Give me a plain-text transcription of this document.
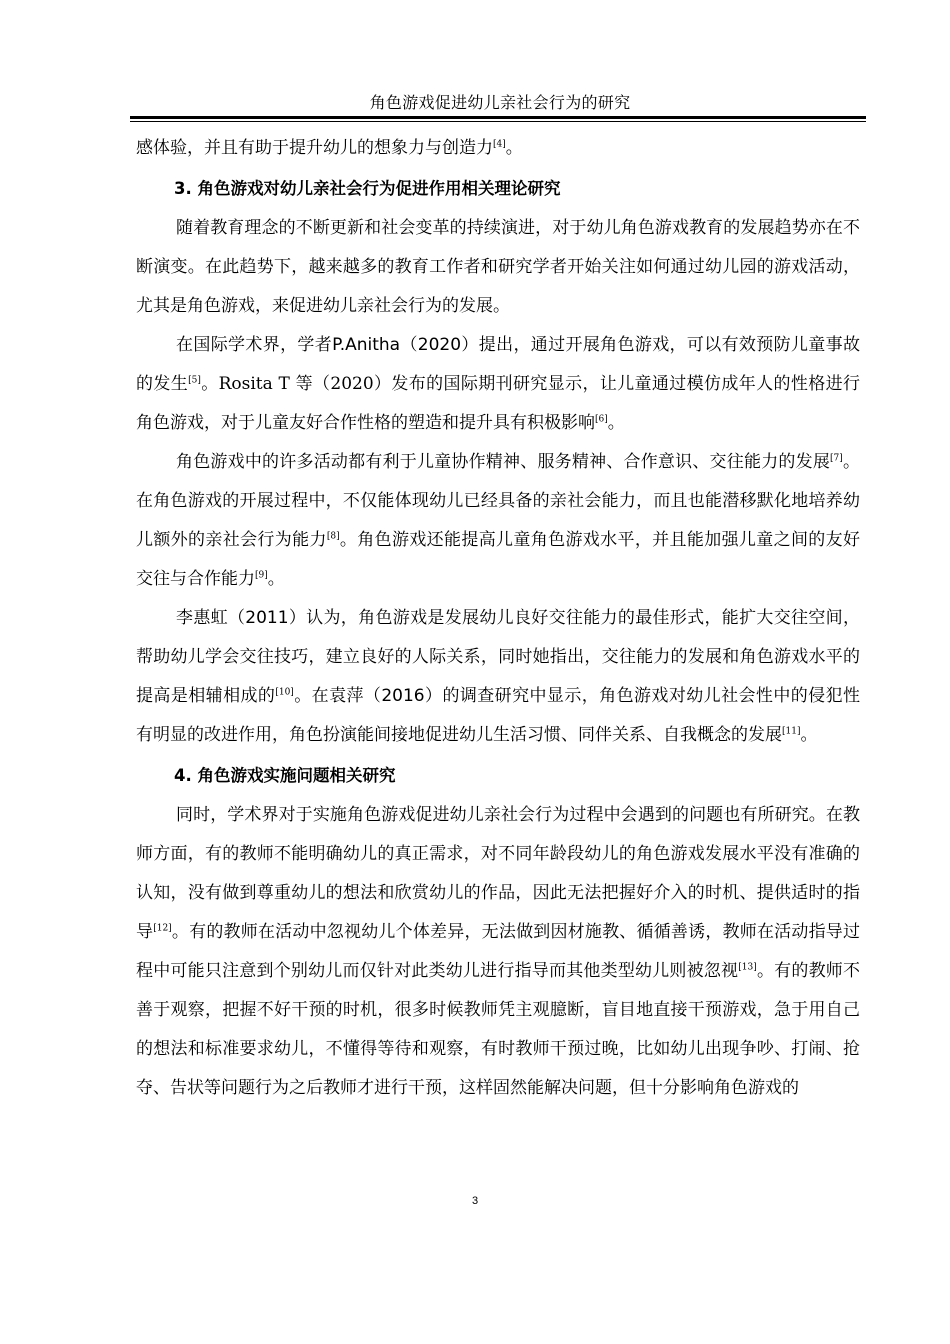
角色游戏促进幼儿亲社会行为的研究

感体验，并且有助于提升幼儿的想象力与创造力[4]。

3. 角色游戏对幼儿亲社会行为促进作用相关理论研究

随着教育理念的不断更新和社会变革的持续演进，对于幼儿角色游戏教育的发展趋势亦在不断演变。在此趋势下，越来越多的教育工作者和研究学者开始关注如何通过幼儿园的游戏活动，尤其是角色游戏，来促进幼儿亲社会行为的发展。

在国际学术界，学者P.Anitha（2020）提出，通过开展角色游戏，可以有效预防儿童事故的发生[5]。Rosita T 等（2020）发布的国际期刊研究显示，让儿童通过模仿成年人的性格进行角色游戏，对于儿童友好合作性格的塑造和提升具有积极影响[6]。

角色游戏中的许多活动都有利于儿童协作精神、服务精神、合作意识、交往能力的发展[7]。在角色游戏的开展过程中，不仅能体现幼儿已经具备的亲社会能力，而且也能潜移默化地培养幼儿额外的亲社会行为能力[8]。角色游戏还能提高儿童角色游戏水平，并且能加强儿童之间的友好交往与合作能力[9]。

李惠虹（2011）认为，角色游戏是发展幼儿良好交往能力的最佳形式，能扩大交往空间，帮助幼儿学会交往技巧，建立良好的人际关系，同时她指出，交往能力的发展和角色游戏水平的提高是相辅相成的[10]。在袁萍（2016）的调查研究中显示，角色游戏对幼儿社会性中的侵犯性有明显的改进作用，角色扮演能间接地促进幼儿生活习惯、同伴关系、自我概念的发展[11]。

4. 角色游戏实施问题相关研究

同时，学术界对于实施角色游戏促进幼儿亲社会行为过程中会遇到的问题也有所研究。在教师方面，有的教师不能明确幼儿的真正需求，对不同年龄段幼儿的角色游戏发展水平没有准确的认知，没有做到尊重幼儿的想法和欣赏幼儿的作品，因此无法把握好介入的时机、提供适时的指导[12]。有的教师在活动中忽视幼儿个体差异，无法做到因材施教、循循善诱，教师在活动指导过程中可能只注意到个别幼儿而仅针对此类幼儿进行指导而其他类型幼儿则被忽视[13]。有的教师不善于观察，把握不好干预的时机，很多时候教师凭主观臆断，盲目地直接干预游戏，急于用自己的想法和标准要求幼儿，不懂得等待和观察，有时教师干预过晚，比如幼儿出现争吵、打闹、抢夺、告状等问题行为之后教师才进行干预，这样固然能解决问题，但十分影响角色游戏的

3
